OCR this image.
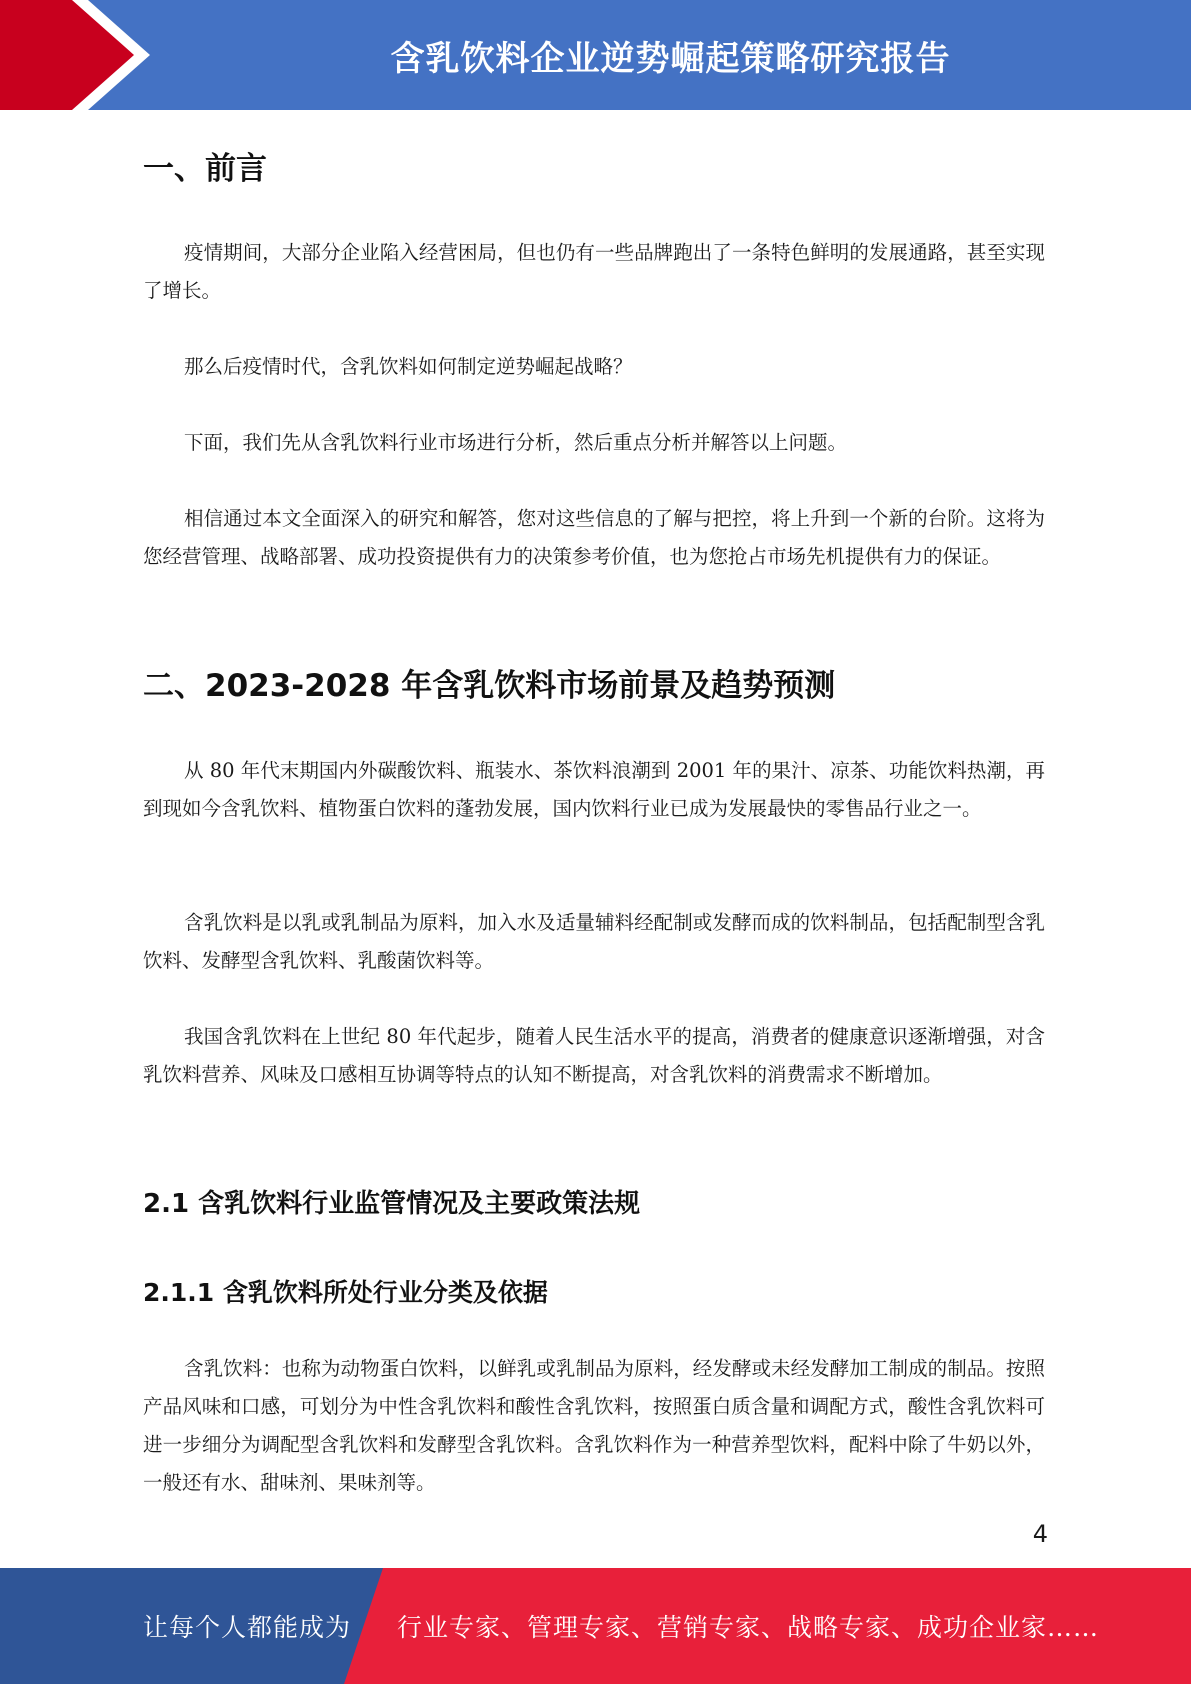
含乳饮料企业逆势崛起策略研究报告
一、前言

疫情期间，大部分企业陷入经营困局，但也仍有一些品牌跑出了一条特色鲜明的发展通路，甚至实现了增长。

那么后疫情时代，含乳饮料如何制定逆势崛起战略？

下面，我们先从含乳饮料行业市场进行分析，然后重点分析并解答以上问题。

相信通过本文全面深入的研究和解答，您对这些信息的了解与把控，将上升到一个新的台阶。这将为您经营管理、战略部署、成功投资提供有力的决策参考价值，也为您抢占市场先机提供有力的保证。

二、2023-2028 年含乳饮料市场前景及趋势预测

从 80 年代末期国内外碳酸饮料、瓶装水、茶饮料浪潮到 2001 年的果汁、凉茶、功能饮料热潮，再到现如今含乳饮料、植物蛋白饮料的蓬勃发展，国内饮料行业已成为发展最快的零售品行业之一。

含乳饮料是以乳或乳制品为原料，加入水及适量辅料经配制或发酵而成的饮料制品，包括配制型含乳饮料、发酵型含乳饮料、乳酸菌饮料等。

我国含乳饮料在上世纪 80 年代起步，随着人民生活水平的提高，消费者的健康意识逐渐增强，对含乳饮料营养、风味及口感相互协调等特点的认知不断提高，对含乳饮料的消费需求不断增加。

2.1 含乳饮料行业监管情况及主要政策法规
2.1.1 含乳饮料所处行业分类及依据

含乳饮料：也称为动物蛋白饮料，以鲜乳或乳制品为原料，经发酵或未经发酵加工制成的制品。按照产品风味和口感，可划分为中性含乳饮料和酸性含乳饮料，按照蛋白质含量和调配方式，酸性含乳饮料可进一步细分为调配型含乳饮料和发酵型含乳饮料。含乳饮料作为一种营养型饮料，配料中除了牛奶以外，一般还有水、甜味剂、果味剂等。

4
让每个人都能成为 行业专家、管理专家、营销专家、战略专家、成功企业家……
